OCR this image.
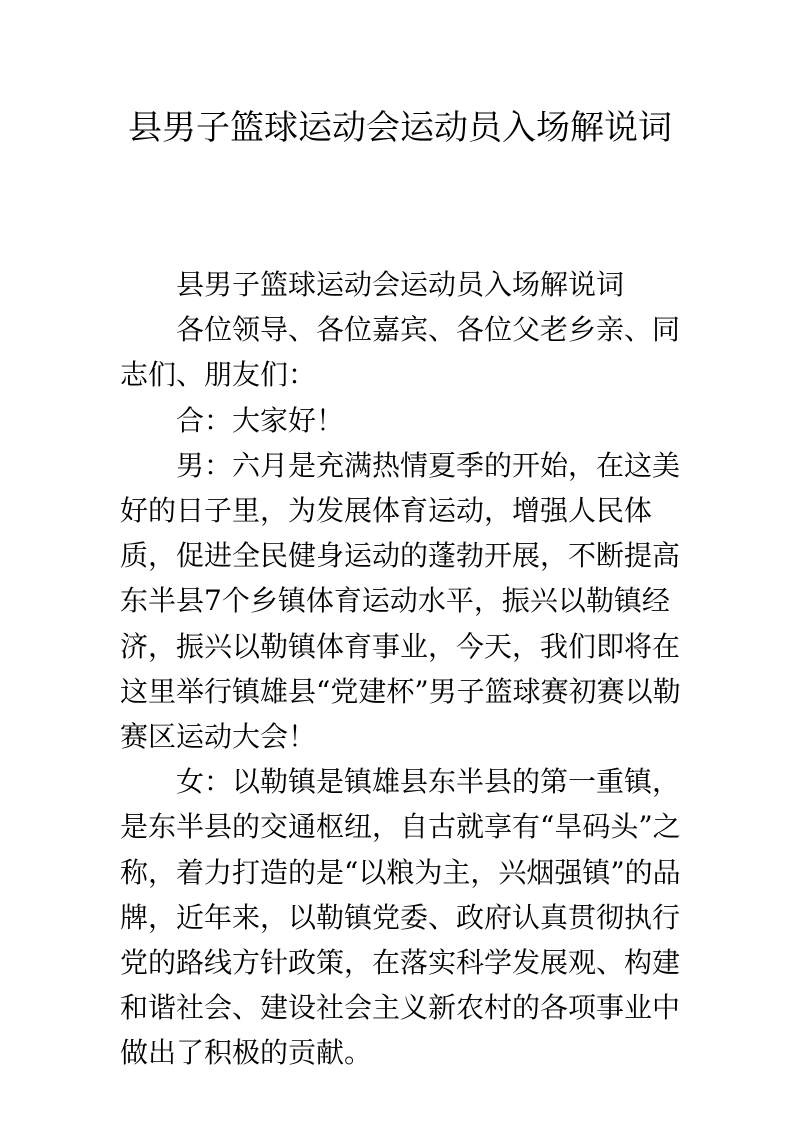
县男子篮球运动会运动员入场解说词

县男子篮球运动会运动员入场解说词

各位领导、各位嘉宾、各位父老乡亲、同志们、朋友们：

合：大家好！

男：六月是充满热情夏季的开始，在这美好的日子里，为发展体育运动，增强人民体质，促进全民健身运动的蓬勃开展，不断提高东半县7个乡镇体育运动水平，振兴以勒镇经济，振兴以勒镇体育事业，今天，我们即将在这里举行镇雄县“党建杯”男子篮球赛初赛以勒赛区运动大会！

女：以勒镇是镇雄县东半县的第一重镇，是东半县的交通枢纽，自古就享有“旱码头”之称，着力打造的是“以粮为主，兴烟强镇”的品牌，近年来，以勒镇党委、政府认真贯彻执行党的路线方针政策，在落实科学发展观、构建和谐社会、建设社会主义新农村的各项事业中做出了积极的贡献。
